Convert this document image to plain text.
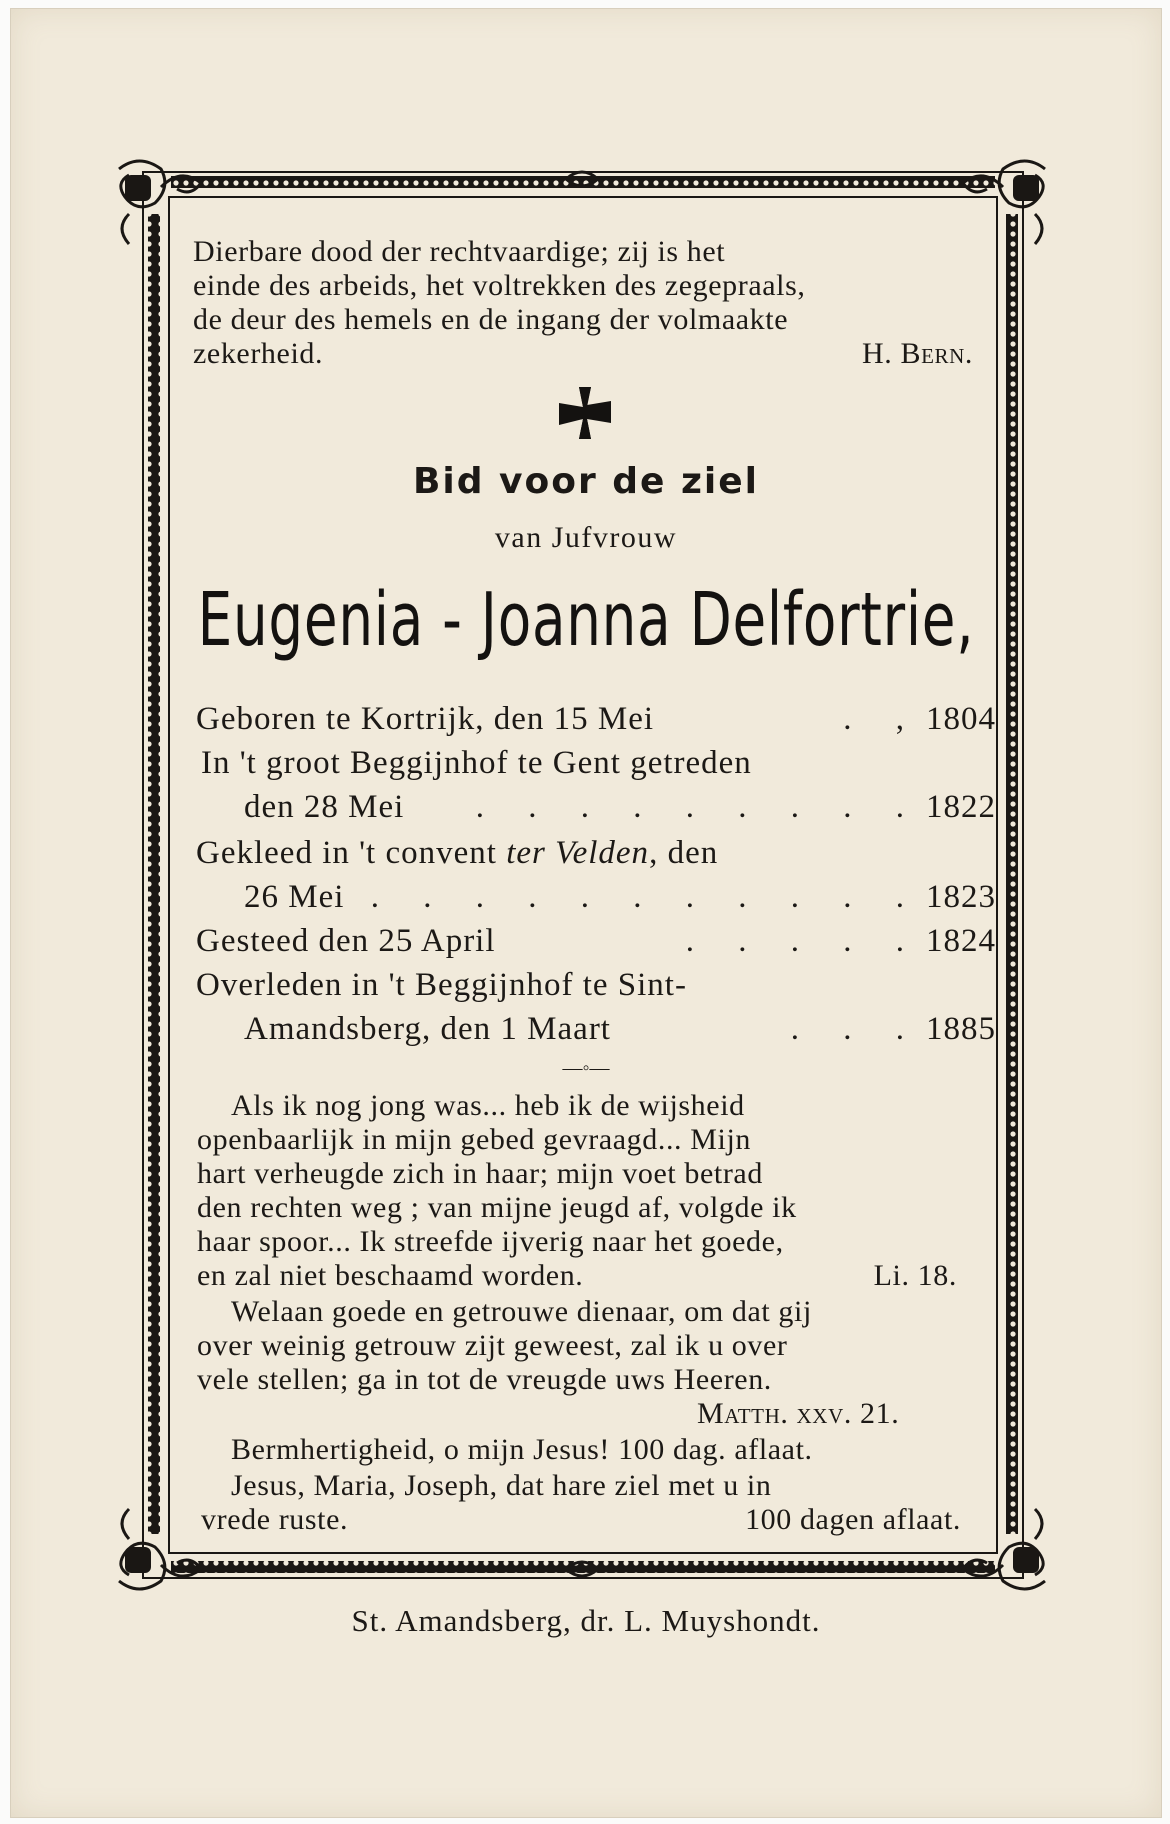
Dierbare dood der rechtvaardige; zij is het
einde des arbeids, het voltrekken des zegepraals,
de deur des hemels en de ingang der volmaakte
zekerheid.	H. Bern.
Bid voor de ziel
van Jufvrouw
Eugenia - Joanna Delfortrie,
Geboren te Kortrijk, den 15 Mei	. , 1804
In 't groot Beggijnhof te Gent getreden
den 28 Mei	. . . . . . . . . 1822
Gekleed in 't convent ter Velden, den
26 Mei . . . . . . . . . . . 1823
Gesteed den 25 April	. . . . . 1824
Overleden in 't Beggijnhof te Sint-
Amandsberg, den 1 Maart	. . . 1885
—◦—
Als ik nog jong was... heb ik de wijsheid
openbaarlijk in mijn gebed gevraagd... Mijn
hart verheugde zich in haar; mijn voet betrad
den rechten weg ; van mijne jeugd af, volgde ik
haar spoor... Ik streefde ijverig naar het goede,
en zal niet beschaamd worden.	Li. 18.
Welaan goede en getrouwe dienaar, om dat gij
over weinig getrouw zijt geweest, zal ik u over
vele stellen; ga in tot de vreugde uws Heeren.
Matth. xxv. 21.
Bermhertigheid, o mijn Jesus! 100 dag. aflaat.
Jesus, Maria, Joseph, dat hare ziel met u in
vrede ruste.	100 dagen aflaat.
St. Amandsberg, dr. L. Muyshondt.
